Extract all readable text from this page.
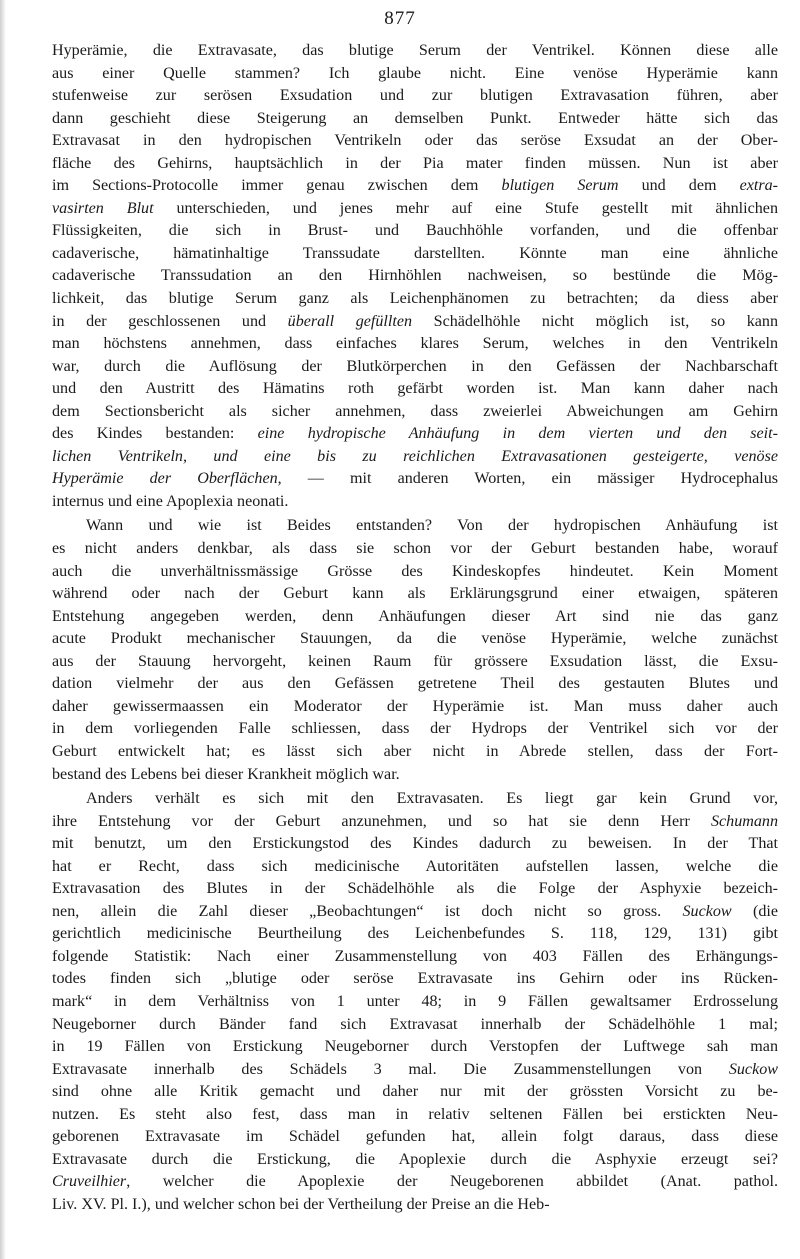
877
Hyperämie, die Extravasate, das blutige Serum der Ventrikel. Können diese alle
aus einer Quelle stammen? Ich glaube nicht. Eine venöse Hyperämie kann
stufenweise zur serösen Exsudation und zur blutigen Extravasation führen, aber
dann geschieht diese Steigerung an demselben Punkt. Entweder hätte sich das
Extravasat in den hydropischen Ventrikeln oder das seröse Exsudat an der Ober-
fläche des Gehirns, hauptsächlich in der Pia mater finden müssen. Nun ist aber
im Sections-Protocolle immer genau zwischen dem blutigen Serum und dem extra-
vasirten Blut unterschieden, und jenes mehr auf eine Stufe gestellt mit ähnlichen
Flüssigkeiten, die sich in Brust- und Bauchhöhle vorfanden, und die offenbar
cadaverische, hämatinhaltige Transsudate darstellten. Könnte man eine ähnliche
cadaverische Transsudation an den Hirnhöhlen nachweisen, so bestünde die Mög-
lichkeit, das blutige Serum ganz als Leichenphänomen zu betrachten; da diess aber
in der geschlossenen und überall gefüllten Schädelhöhle nicht möglich ist, so kann
man höchstens annehmen, dass einfaches klares Serum, welches in den Ventrikeln
war, durch die Auflösung der Blutkörperchen in den Gefässen der Nachbarschaft
und den Austritt des Hämatins roth gefärbt worden ist. Man kann daher nach
dem Sectionsbericht als sicher annehmen, dass zweierlei Abweichungen am Gehirn
des Kindes bestanden: eine hydropische Anhäufung in dem vierten und den seit-
lichen Ventrikeln, und eine bis zu reichlichen Extravasationen gesteigerte, venöse
Hyperämie der Oberflächen, — mit anderen Worten, ein mässiger Hydrocephalus
internus und eine Apoplexia neonati.
Wann und wie ist Beides entstanden? Von der hydropischen Anhäufung ist
es nicht anders denkbar, als dass sie schon vor der Geburt bestanden habe, worauf
auch die unverhältnissmässige Grösse des Kindeskopfes hindeutet. Kein Moment
während oder nach der Geburt kann als Erklärungsgrund einer etwaigen, späteren
Entstehung angegeben werden, denn Anhäufungen dieser Art sind nie das ganz
acute Produkt mechanischer Stauungen, da die venöse Hyperämie, welche zunächst
aus der Stauung hervorgeht, keinen Raum für grössere Exsudation lässt, die Exsu-
dation vielmehr der aus den Gefässen getretene Theil des gestauten Blutes und
daher gewissermaassen ein Moderator der Hyperämie ist. Man muss daher auch
in dem vorliegenden Falle schliessen, dass der Hydrops der Ventrikel sich vor der
Geburt entwickelt hat; es lässt sich aber nicht in Abrede stellen, dass der Fort-
bestand des Lebens bei dieser Krankheit möglich war.
Anders verhält es sich mit den Extravasaten. Es liegt gar kein Grund vor,
ihre Entstehung vor der Geburt anzunehmen, und so hat sie denn Herr Schumann
mit benutzt, um den Erstickungstod des Kindes dadurch zu beweisen. In der That
hat er Recht, dass sich medicinische Autoritäten aufstellen lassen, welche die
Extravasation des Blutes in der Schädelhöhle als die Folge der Asphyxie bezeich-
nen, allein die Zahl dieser „Beobachtungen“ ist doch nicht so gross. Suckow (die
gerichtlich medicinische Beurtheilung des Leichenbefundes S. 118, 129, 131) gibt
folgende Statistik: Nach einer Zusammenstellung von 403 Fällen des Erhängungs-
todes finden sich „blutige oder seröse Extravasate ins Gehirn oder ins Rücken-
mark“ in dem Verhältniss von 1 unter 48; in 9 Fällen gewaltsamer Erdrosselung
Neugeborner durch Bänder fand sich Extravasat innerhalb der Schädelhöhle 1 mal;
in 19 Fällen von Erstickung Neugeborner durch Verstopfen der Luftwege sah man
Extravasate innerhalb des Schädels 3 mal. Die Zusammenstellungen von Suckow
sind ohne alle Kritik gemacht und daher nur mit der grössten Vorsicht zu be-
nutzen. Es steht also fest, dass man in relativ seltenen Fällen bei erstickten Neu-
geborenen Extravasate im Schädel gefunden hat, allein folgt daraus, dass diese
Extravasate durch die Erstickung, die Apoplexie durch die Asphyxie erzeugt sei?
Cruveilhier, welcher die Apoplexie der Neugeborenen abbildet (Anat. pathol.
Liv. XV. Pl. I.), und welcher schon bei der Vertheilung der Preise an die Heb-
